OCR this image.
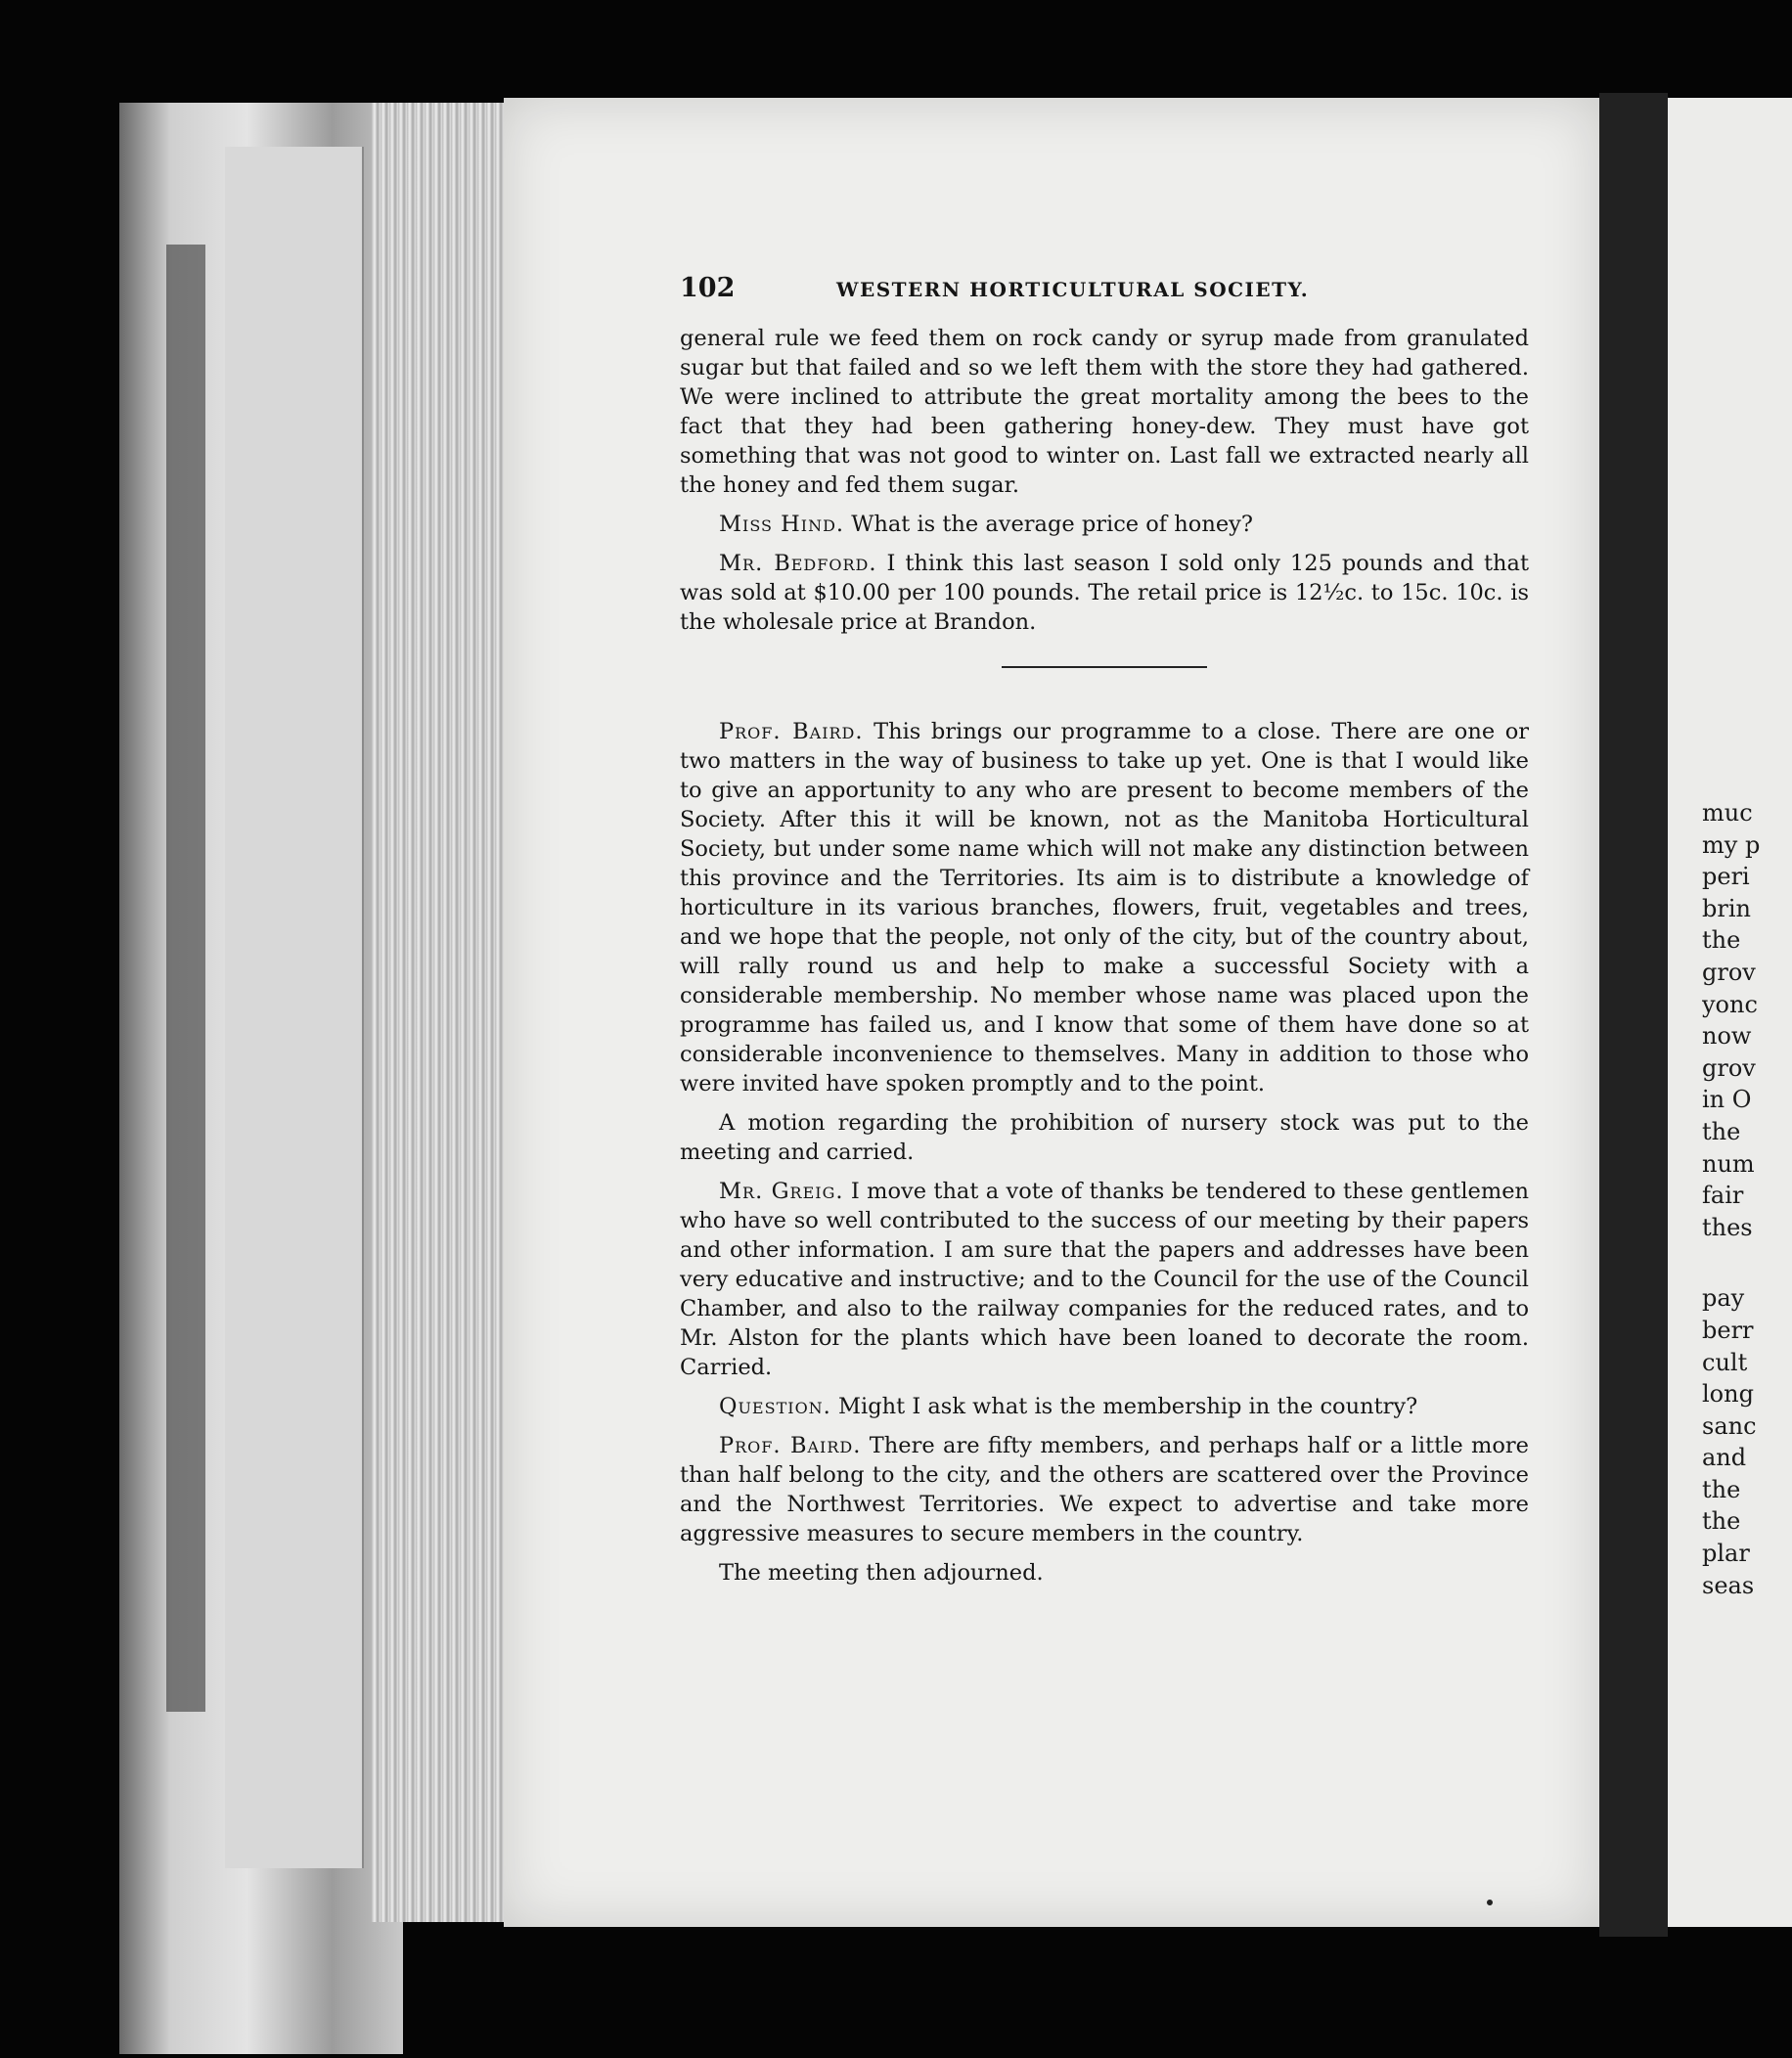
102	WESTERN HORTICULTURAL SOCIETY.

general rule we feed them on rock candy or syrup made from granulated sugar but that failed and so we left them with the store they had gathered. We were inclined to attribute the great mortality among the bees to the fact that they had been gathering honey-dew. They must have got something that was not good to winter on. Last fall we extracted nearly all the honey and fed them sugar.

Miss Hind. What is the average price of honey?

Mr. Bedford. I think this last season I sold only 125 pounds and that was sold at $10.00 per 100 pounds. The retail price is 12½c. to 15c. 10c. is the wholesale price at Brandon.

Prof. Baird. This brings our programme to a close. There are one or two matters in the way of business to take up yet. One is that I would like to give an apportunity to any who are present to become members of the Society. After this it will be known, not as the Manitoba Horticultural Society, but under some name which will not make any distinction between this province and the Territories. Its aim is to distribute a knowledge of horticulture in its various branches, flowers, fruit, vegetables and trees, and we hope that the people, not only of the city, but of the country about, will rally round us and help to make a successful Society with a considerable membership. No member whose name was placed upon the programme has failed us, and I know that some of them have done so at considerable inconvenience to themselves. Many in addition to those who were invited have spoken promptly and to the point.

A motion regarding the prohibition of nursery stock was put to the meeting and carried.

Mr. Greig. I move that a vote of thanks be tendered to these gentlemen who have so well contributed to the success of our meeting by their papers and other information. I am sure that the papers and addresses have been very educative and instructive; and to the Council for the use of the Council Chamber, and also to the railway companies for the reduced rates, and to Mr. Alston for the plants which have been loaned to decorate the room. Carried.

Question. Might I ask what is the membership in the country?

Prof. Baird. There are fifty members, and perhaps half or a little more than half belong to the city, and the others are scattered over the Province and the Northwest Territories. We expect to advertise and take more aggressive measures to secure members in the country.

The meeting then adjourned.

muc
my p
peri
brin
the
grov
yonc
now
grov
in O
the
num
fair
thes
pay
berr
cult
long
sanc
and
the
the
plar
seas
